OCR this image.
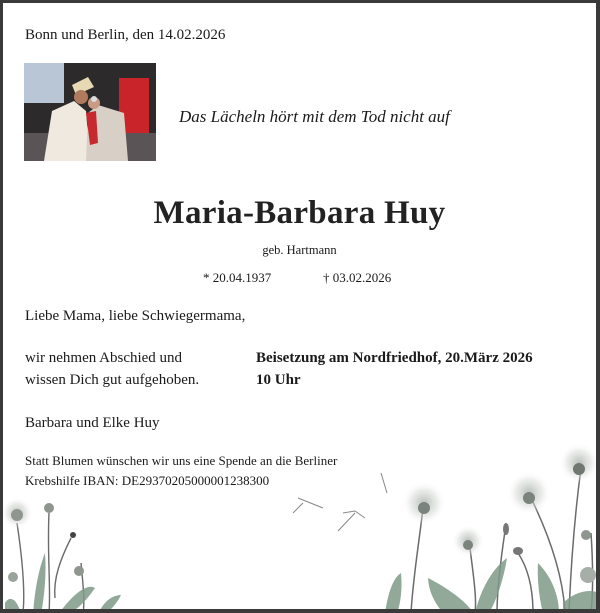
Bonn und Berlin, den 14.02.2026
Das Lächeln hört mit dem Tod nicht auf
Maria-Barbara Huy
geb. Hartmann
* 20.04.1937	† 03.02.2026
Liebe Mama, liebe Schwiegermama,
wir nehmen Abschied und
wissen Dich gut aufgehoben.
Beisetzung am Nordfriedhof, 20.März 2026
10 Uhr
Barbara und Elke Huy
Statt Blumen wünschen wir uns eine Spende an die Berliner
Krebshilfe IBAN: DE29370205000001238300
